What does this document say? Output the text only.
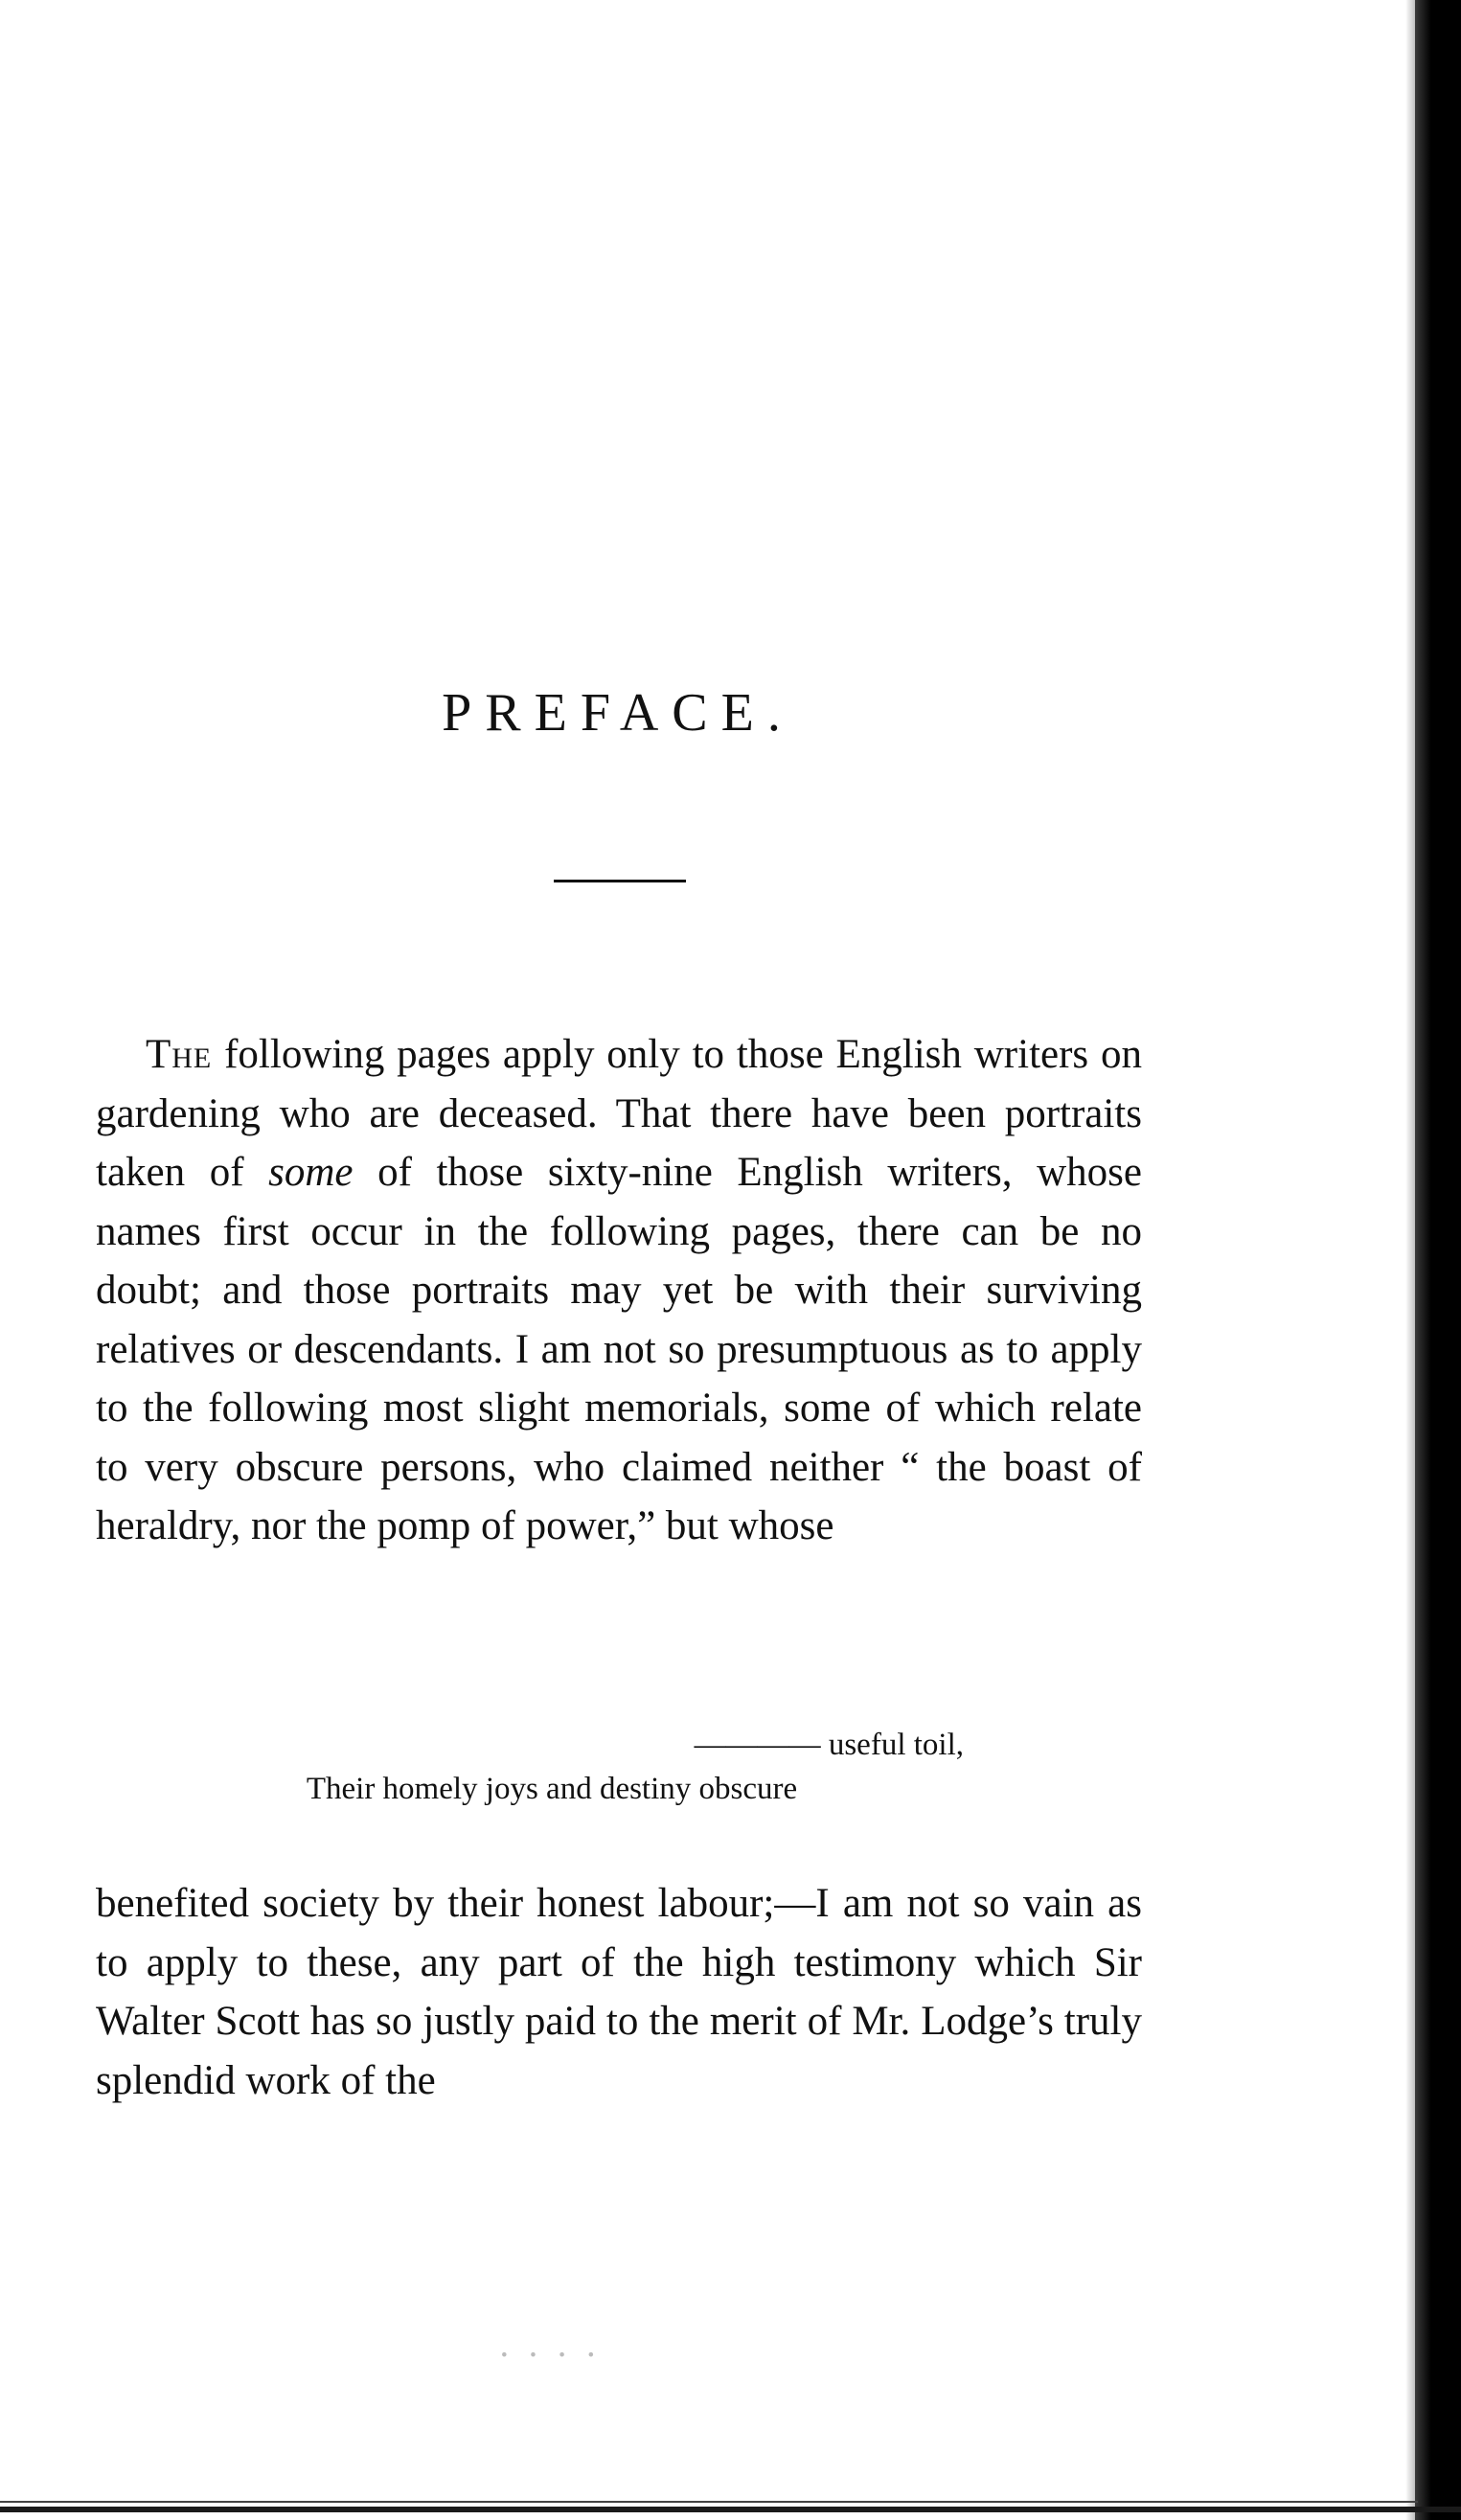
PREFACE.

The following pages apply only to those English writers on gardening who are deceased. That there have been portraits taken of some of those sixty-nine English writers, whose names first occur in the following pages, there can be no doubt; and those portraits may yet be with their surviving relatives or descendants. I am not so presumptuous as to apply to the following most slight memorials, some of which relate to very obscure persons, who claimed neither “ the boast of heraldry, nor the pomp of power,” but whose

———— useful toil,
Their homely joys and destiny obscure

benefited society by their honest labour;—I am not so vain as to apply to these, any part of the high testimony which Sir Walter Scott has so justly paid to the merit of Mr. Lodge’s truly splendid work of the

· · · ·
